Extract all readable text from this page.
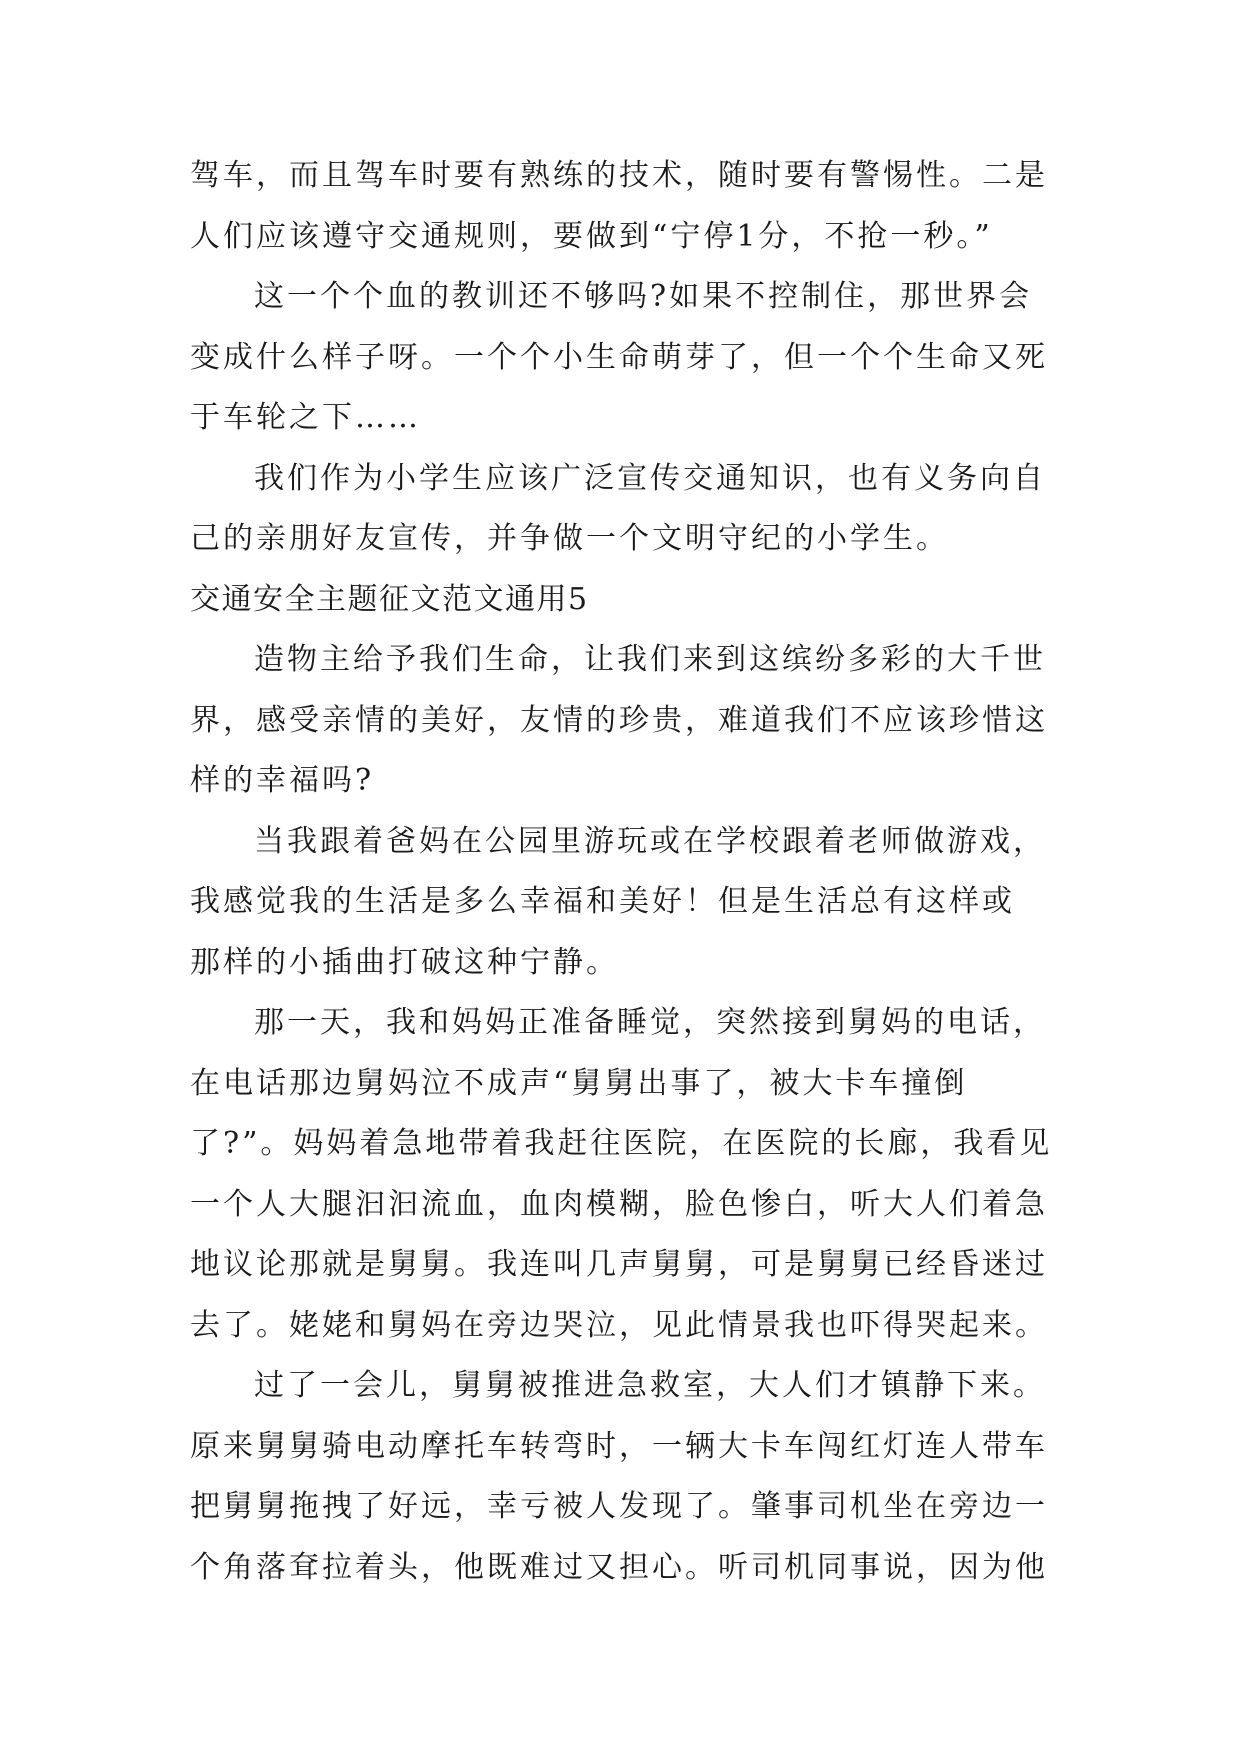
驾车，而且驾车时要有熟练的技术，随时要有警惕性。二是
人们应该遵守交通规则，要做到“宁停1分，不抢一秒。”
这一个个血的教训还不够吗?如果不控制住，那世界会
变成什么样子呀。一个个小生命萌芽了，但一个个生命又死
于车轮之下……
我们作为小学生应该广泛宣传交通知识，也有义务向自
己的亲朋好友宣传，并争做一个文明守纪的小学生。
交通安全主题征文范文通用5
造物主给予我们生命，让我们来到这缤纷多彩的大千世
界，感受亲情的美好，友情的珍贵，难道我们不应该珍惜这
样的幸福吗?
当我跟着爸妈在公园里游玩或在学校跟着老师做游戏，
我感觉我的生活是多么幸福和美好！但是生活总有这样或
那样的小插曲打破这种宁静。
那一天，我和妈妈正准备睡觉，突然接到舅妈的电话，
在电话那边舅妈泣不成声“舅舅出事了，被大卡车撞倒
了?”。妈妈着急地带着我赶往医院，在医院的长廊，我看见
一个人大腿汩汩流血，血肉模糊，脸色惨白，听大人们着急
地议论那就是舅舅。我连叫几声舅舅，可是舅舅已经昏迷过
去了。姥姥和舅妈在旁边哭泣，见此情景我也吓得哭起来。
过了一会儿，舅舅被推进急救室，大人们才镇静下来。
原来舅舅骑电动摩托车转弯时，一辆大卡车闯红灯连人带车
把舅舅拖拽了好远，幸亏被人发现了。肇事司机坐在旁边一
个角落耷拉着头，他既难过又担心。听司机同事说，因为他
